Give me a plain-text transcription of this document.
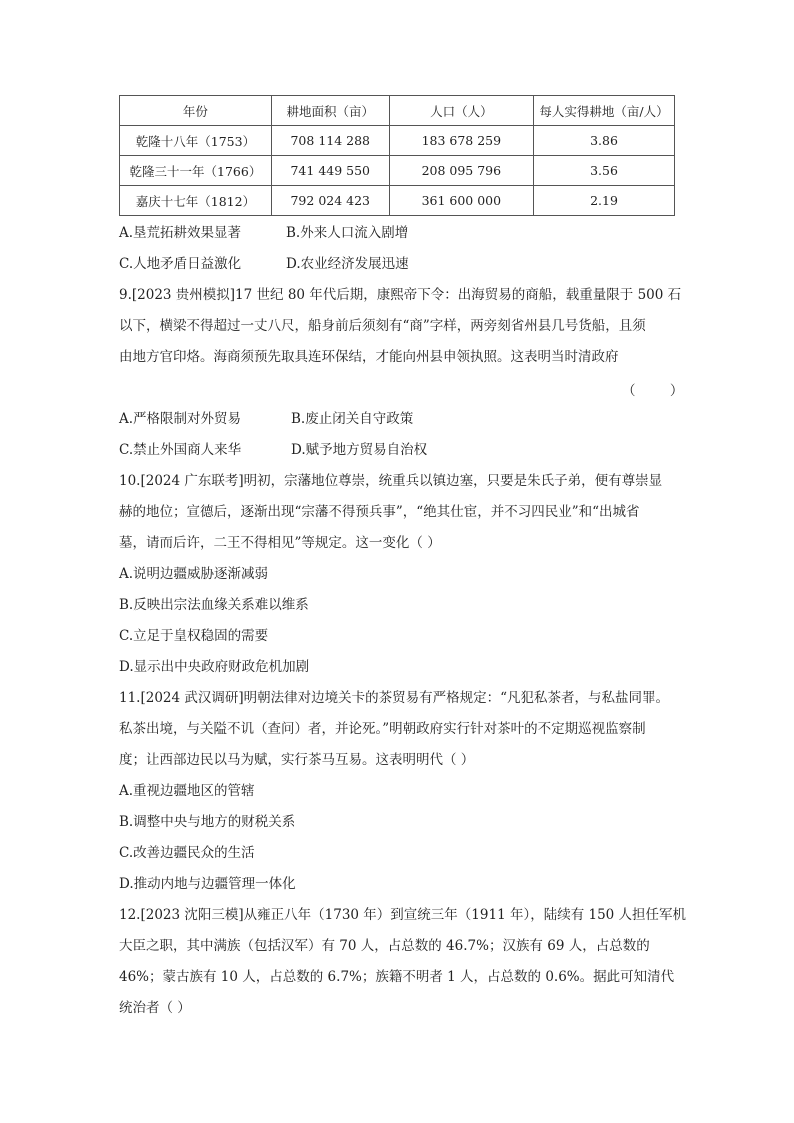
年份	耕地面积（亩）	人口（人）	每人实得耕地（亩/人）
乾隆十八年（1753）	708 114 288	183 678 259	3.86
乾隆三十一年（1766）	741 449 550	208 095 796	3.56
嘉庆十七年（1812）	792 024 423	361 600 000	2.19
A.垦荒拓耕效果显著	B.外来人口流入剧增
C.人地矛盾日益激化	D.农业经济发展迅速
9.[2023 贵州模拟]17 世纪 80 年代后期，康熙帝下令：出海贸易的商船，载重量限于 500 石
以下，横梁不得超过一丈八尺，船身前后须刻有“商”字样，两旁刻省州县几号货船，且须
由地方官印烙。海商须预先取具连环保结，才能向州县申领执照。这表明当时清政府
（        ）
A.严格限制对外贸易	B.废止闭关自守政策
C.禁止外国商人来华	D.赋予地方贸易自治权
10.[2024 广东联考]明初，宗藩地位尊崇，统重兵以镇边塞，只要是朱氏子弟，便有尊崇显
赫的地位；宣德后，逐渐出现“宗藩不得预兵事”，“绝其仕宦，并不习四民业”和“出城省
墓，请而后许，二王不得相见”等规定。这一变化（ ）
A.说明边疆威胁逐渐减弱
B.反映出宗法血缘关系难以维系
C.立足于皇权稳固的需要
D.显示出中央政府财政危机加剧
11.[2024 武汉调研]明朝法律对边境关卡的茶贸易有严格规定：“凡犯私茶者，与私盐同罪。
私茶出境，与关隘不讥（查问）者，并论死。”明朝政府实行针对茶叶的不定期巡视监察制
度；让西部边民以马为赋，实行茶马互易。这表明明代（ ）
A.重视边疆地区的管辖
B.调整中央与地方的财税关系
C.改善边疆民众的生活
D.推动内地与边疆管理一体化
12.[2023 沈阳三模]从雍正八年（1730 年）到宣统三年（1911 年），陆续有 150 人担任军机
大臣之职，其中满族（包括汉军）有 70 人，占总数的 46.7%；汉族有 69 人，占总数的
46%；蒙古族有 10 人，占总数的 6.7%；族籍不明者 1 人，占总数的 0.6%。据此可知清代
统治者（ ）
